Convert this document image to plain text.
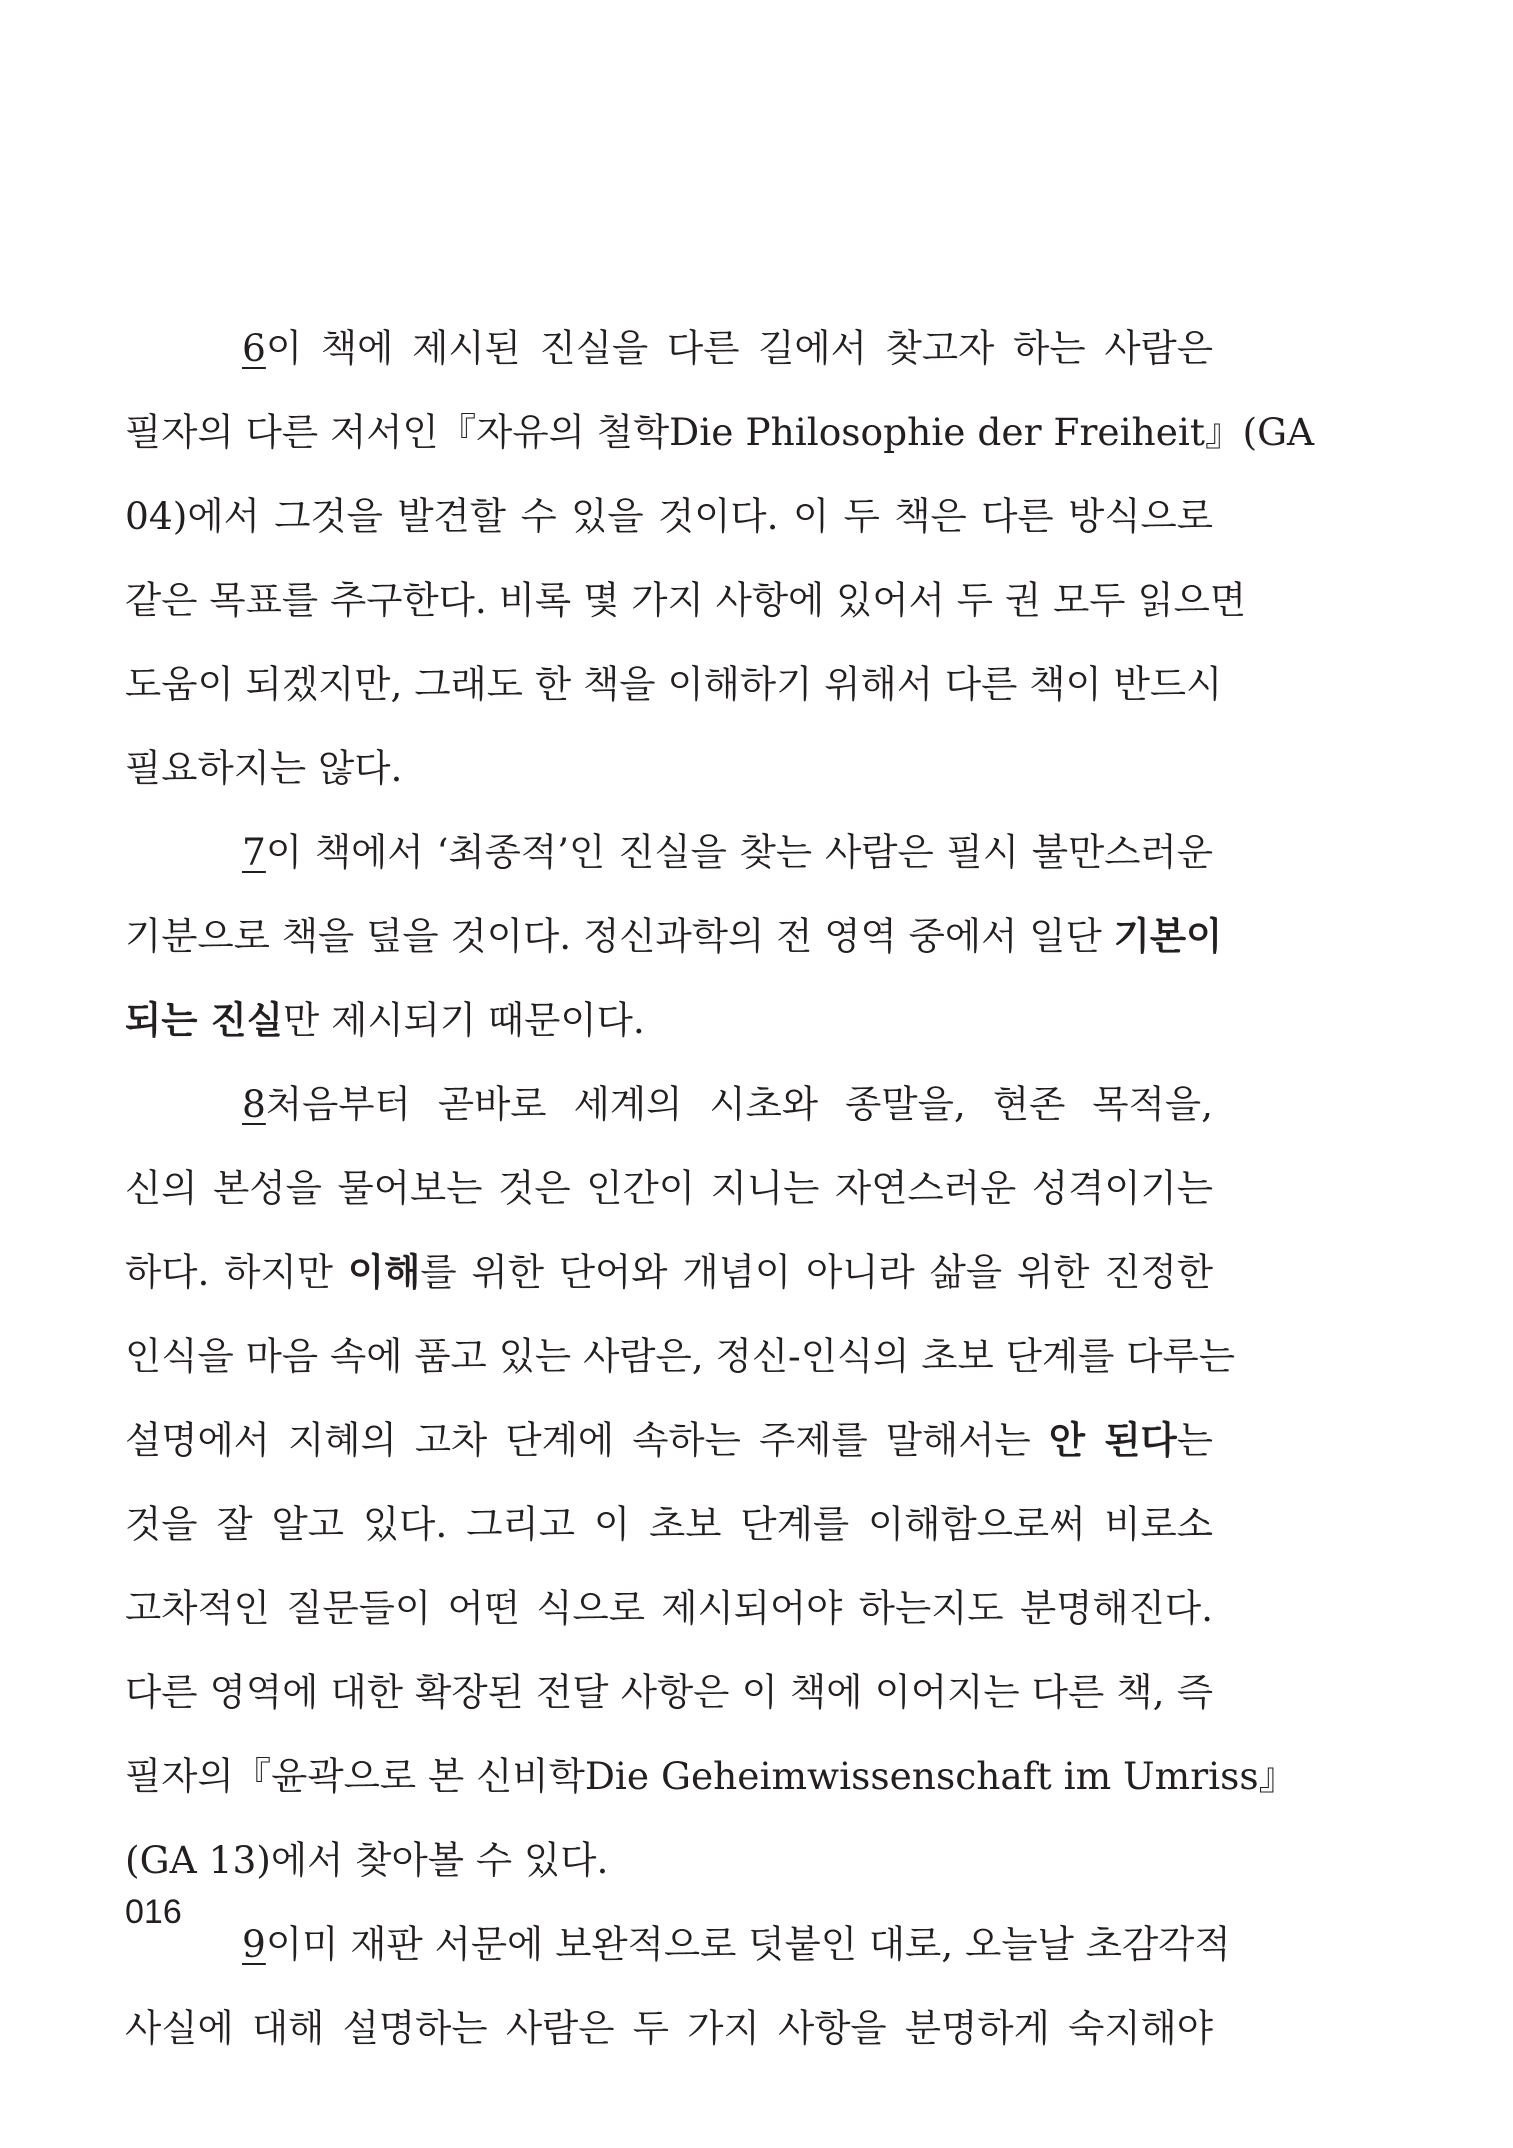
6이 책에 제시된 진실을 다른 길에서 찾고자 하는 사람은
필자의 다른 저서인『자유의 철학Die Philosophie der Freiheit』(GA
04)에서 그것을 발견할 수 있을 것이다. 이 두 책은 다른 방식으로
같은 목표를 추구한다. 비록 몇 가지 사항에 있어서 두 권 모두 읽으면
도움이 되겠지만, 그래도 한 책을 이해하기 위해서 다른 책이 반드시
필요하지는 않다.
7이 책에서 ‘최종적’인 진실을 찾는 사람은 필시 불만스러운
기분으로 책을 덮을 것이다. 정신과학의 전 영역 중에서 일단 기본이
되는 진실만 제시되기 때문이다.
8처음부터 곧바로 세계의 시초와 종말을, 현존 목적을,
신의 본성을 물어보는 것은 인간이 지니는 자연스러운 성격이기는
하다. 하지만 이해를 위한 단어와 개념이 아니라 삶을 위한 진정한
인식을 마음 속에 품고 있는 사람은, 정신-인식의 초보 단계를 다루는
설명에서 지혜의 고차 단계에 속하는 주제를 말해서는 안 된다는
것을 잘 알고 있다. 그리고 이 초보 단계를 이해함으로써 비로소
고차적인 질문들이 어떤 식으로 제시되어야 하는지도 분명해진다.
다른 영역에 대한 확장된 전달 사항은 이 책에 이어지는 다른 책, 즉
필자의『윤곽으로 본 신비학Die Geheimwissenschaft im Umriss』
(GA 13)에서 찾아볼 수 있다.
9이미 재판 서문에 보완적으로 덧붙인 대로, 오늘날 초감각적
사실에 대해 설명하는 사람은 두 가지 사항을 분명하게 숙지해야
016
